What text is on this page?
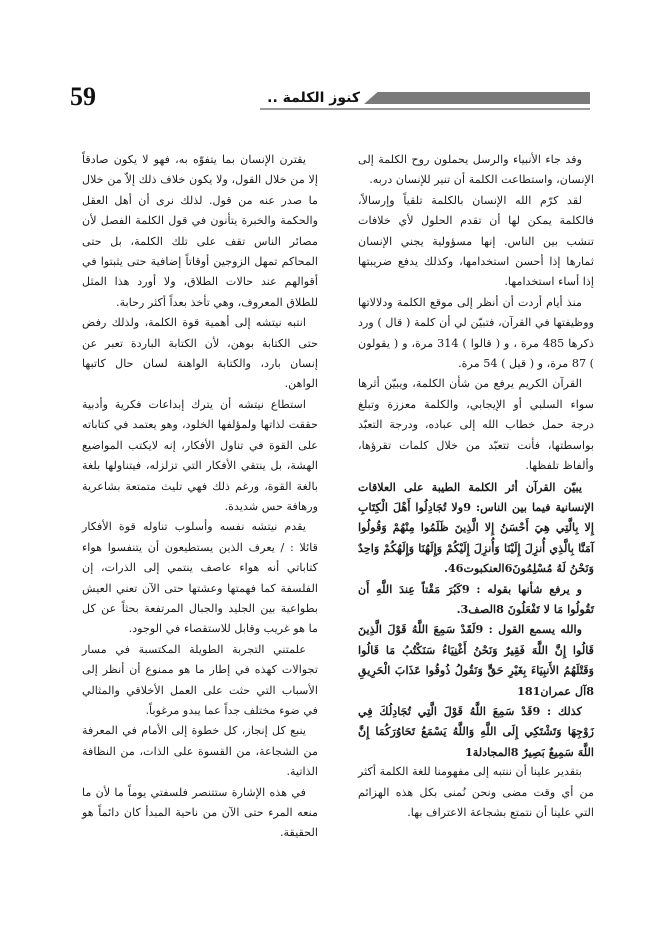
59	كنوز الكلمة ..

وقد جاء الأنبياء والرسل يحملون روح الكلمة إلى الإنسان، واستطاعت الكلمة أن تنير للإنسان دربه.

لقد كرّم الله الإنسان بالكلمة تلقياً وإرسالاً، فالكلمة يمكن لها أن تقدم الحلول لأي خلافات تنشب بين الناس. إنها مسؤولية يجني الإنسان ثمارها إذا أحسن استخدامها، وكذلك يدفع ضريبتها إذا أساء استخدامها.

منذ أيام أردت أن أنظر إلى موقع الكلمة ودلالاتها ووظيفتها في القرآن، فتبيّن لي أن كلمة ( قال ) ورد ذكرها 485 مرة ، و ( قالوا ) 314 مرة، و ( يقولون ) 87 مرة، و ( قيل ) 54 مرة.

القرآن الكريم يرفع من شأن الكلمة، ويبيّن أثرها سواء السلبي أو الإيجابي، والكلمة معززة وتبلغ درجة حمل خطاب الله إلى عباده، ودرجة التعبّد بواسطتها، فأنت تتعبّد من خلال كلمات تقرؤها، وألفاظ تلفظها.

يبيّن القرآن أثر الكلمة الطيبة على العلاقات الإنسانية فيما بين الناس: 9ولا تُجَادِلُوا أَهْلَ الْكِتَابِ إِلا بِالَّتِي هِيَ أَحْسَنُ إِلا الَّذِينَ ظَلَمُوا مِنْهُمْ وَقُولُوا آمَنَّا بِالَّذِي أُنزِلَ إِلَيْنَا وَأُنزِلَ إِلَيْكُمْ وَإِلَهُنَا وَإِلَهُكُمْ وَاحِدٌ وَنَحْنُ لَهُ مُسْلِمُونَ6العنكبوت46.

و يرفع شأنها بقوله : 9كَبُرَ مَقْتاً عِندَ اللَّهِ أَن تَقُولُوا مَا لا تَفْعَلُونَ 8الصف3.

والله يسمع القول : 9لَقَدْ سَمِعَ اللَّهُ قَوْلَ الَّذِينَ قَالُوا إِنَّ اللَّهَ فَقِيرٌ وَنَحْنُ أَغْنِيَاءُ سَنَكْتُبُ مَا قَالُوا وَقَتْلَهُمُ الأَنبِيَاءَ بِغَيْرِ حَقٍّ وَنَقُولُ ذُوقُوا عَذَابَ الْحَرِيقِ 8آل عمران181

كذلك : 9قَدْ سَمِعَ اللَّهُ قَوْلَ الَّتِي تُجَادِلُكَ فِي زَوْجِهَا وَتَشْتَكِي إِلَى اللَّهِ وَاللَّهُ يَسْمَعُ تَحَاوُرَكُمَا إِنَّ اللَّهَ سَمِيعٌ بَصِيرٌ 8المجادلة1

بتقدير علينا أن ننتبه إلى مفهومنا للغة الكلمة أكثر من أي وقت مضى ونحن نُمنى بكل هذه الهزائم التي علينا أن نتمتع بشجاعة الاعتراف بها.

يقترن الإنسان بما يتفوّه به، فهو لا يكون صادقاً إلا من خلال القول، ولا يكون خلاف ذلك إلاّ من خلال ما صدر عنه من قول. لذلك نرى أن أهل العقل والحكمة والخبرة يتأنون في قول الكلمة الفصل لأن مصائر الناس تقف على تلك الكلمة، بل حتى المحاكم تمهل الزوجين أوقاتاً إضافية حتى يثبتوا في أقوالهم عند حالات الطلاق، ولا أورد هذا المثل للطلاق المعروف، وهي تأخذ بعداً أكثر رحابة.

انتبه نيتشه إلى أهمية قوة الكلمة، ولذلك رفض حتى الكتابة بوهن، لأن الكتابة الباردة تعبر عن إنسان بارد، والكتابة الواهنة لسان حال كاتبها الواهن.

استطاع نيتشه أن يترك إبداعات فكرية وأدبية حققت لذاتها ولمؤلفها الخلود، وهو يعتمد في كتاباته على القوة في تناول الأفكار، إنه لايكتب المواضيع الهشة، بل ينتقي الأفكار التي تزلزله، فيتناولها بلغة بالغة القوة، ورغم ذلك فهي تليث متمتعة بشاعرية ورهافة حس شديدة.

يقدم نيتشه نفسه وأسلوب تناوله قوة الأفكار قائلا : / يعرف الذين يستطيعون أن يتنفسوا هواء كتاباتي أنه هواء عاصف ينتمي إلى الذرات، إن الفلسفة كما فهمتها وعشتها حتى الآن تعني العيش بطواعية بين الجليد والجبال المرتفعة بحثاً عن كل ما هو غريب وقابل للاستقصاء في الوجود.

علمتني التجربة الطويلة المكتسبة في مسار تجوالات كهذه في إطار ما هو ممنوع أن أنظر إلى الأسباب التي حثت على العمل الأخلاقي والمثالي في ضوء مختلف جداً عما يبدو مرغوباً.

ينبع كل إنجاز، كل خطوة إلى الأمام في المعرفة من الشجاعة، من القسوة على الذات، من النظافة الذاتية.

في هذه الإشارة ستتنصر فلسفتي يوماً ما لأن ما منعه المرء حتى الآن من ناحية المبدأ كان دائماً هو الحقيقة.
